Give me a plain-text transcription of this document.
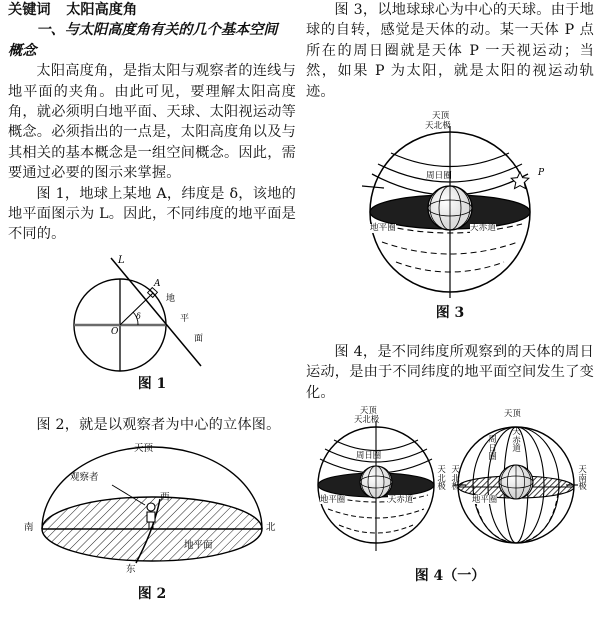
关键词 太阳高度角

一、与太阳高度角有关的几个基本空间

概念

太阳高度角，是指太阳与观察者的连线与地平面的夹角。由此可见，要理解太阳高度角，就必须明白地平面、天球、太阳视运动等概念。必须指出的一点是，太阳高度角以及与其相关的基本概念是一组空间概念。因此，需要通过必要的图示来掌握。

图 1，地球上某地 A，纬度是 δ，该地的地平面图示为 L。因此，不同纬度的地平面是不同的。

L
A
O
δ
地
平
面

图 1

图 2，就是以观察者为中心的立体图。

天顶
观察者
西
南	北
东
地平面

图 2

图 3，以地球球心为中心的天球。由于地球的自转，感觉是天体的动。某一天体 P 点所在的周日圈就是天体 P 一天视运动；当然，如果 P 为太阳，就是太阳的视运动轨迹。

天顶
天北极
周日圈	P
地平圈	天赤道

图 3

图 4，是不同纬度所观察到的天体的周日运动，是由于不同纬度的地平面空间发生了变化。

天顶
天北极
周日圈
地平圈	天赤道
天北极
天顶
天赤道
周日圈
地平圈
天北极
天南极

图 4（一）
